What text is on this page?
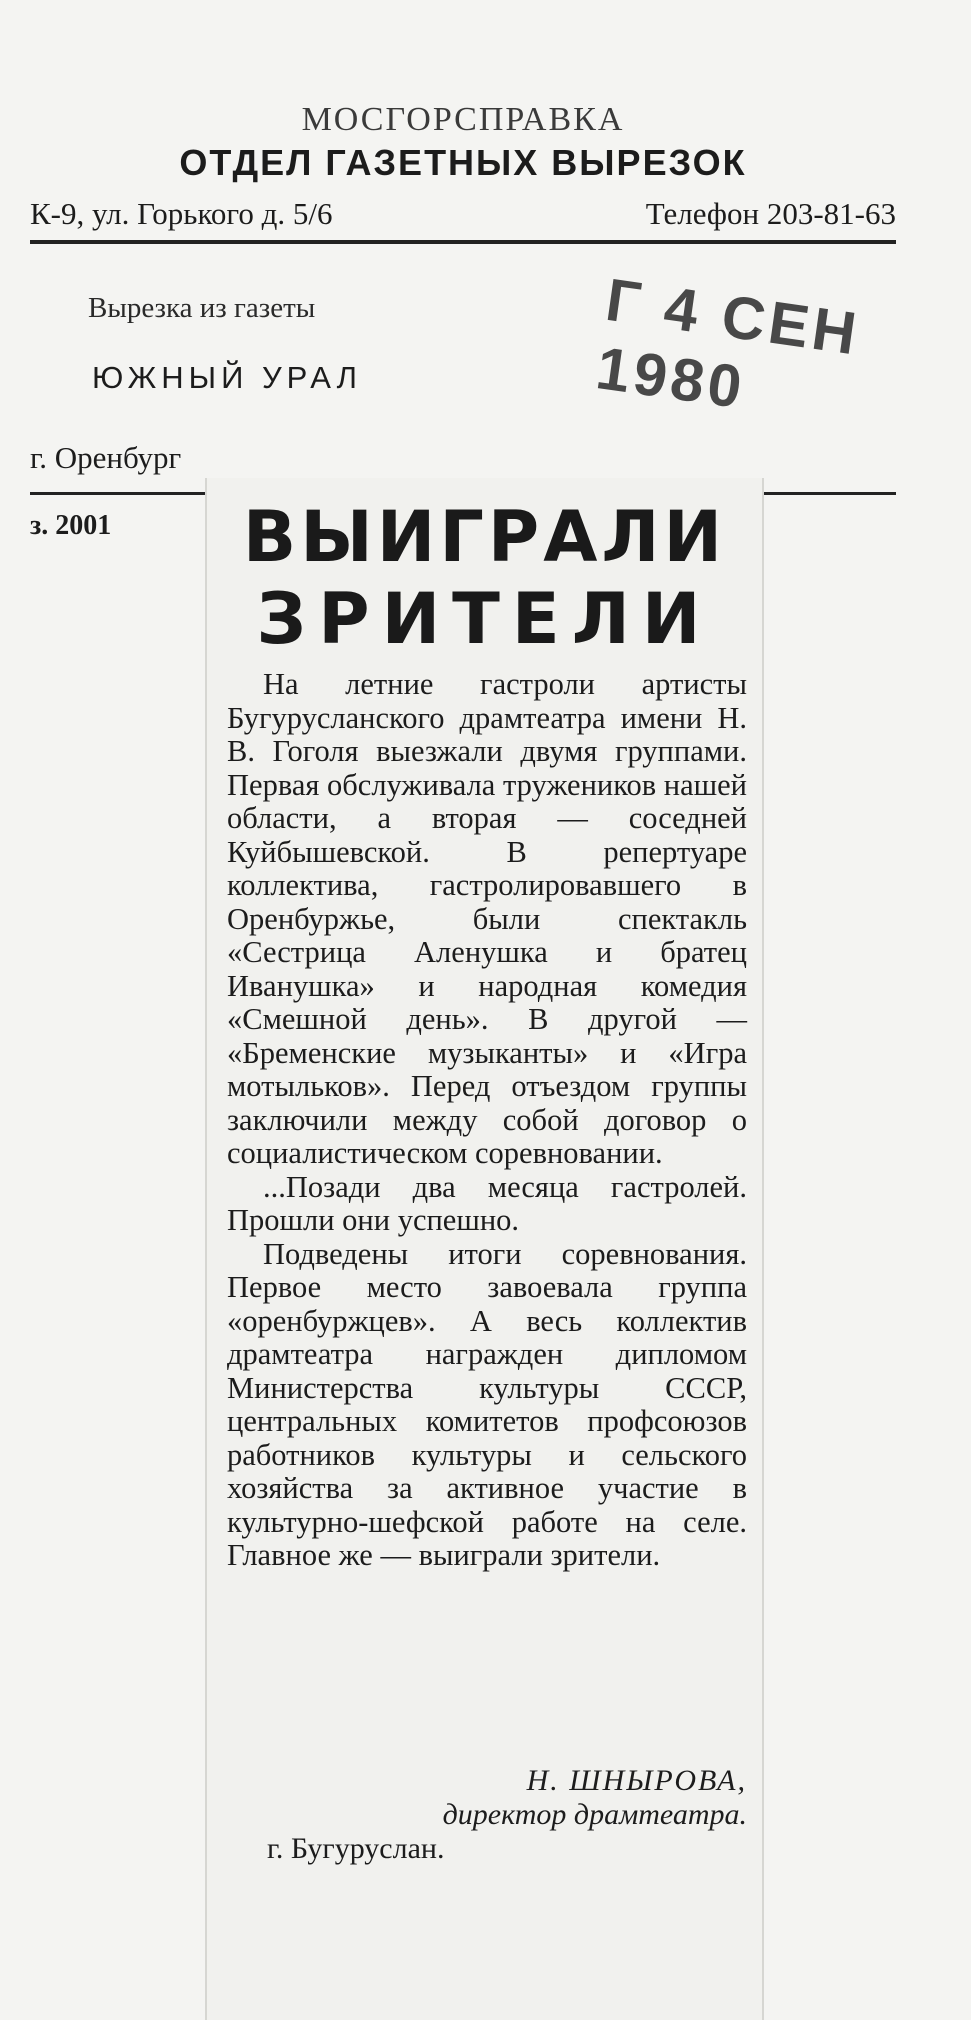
МОСГОРСПРАВКА
ОТДЕЛ ГАЗЕТНЫХ ВЫРЕЗОК
К-9, ул. Горького д. 5/6	Телефон 203-81-63
Вырезка из газеты
ЮЖНЫЙ УРАЛ
г. Оренбург
з. 2001
Г 4 СЕН 1980
ВЫИГРАЛИ
ЗРИТЕЛИ
На летние гастроли артисты Бугурусланского драмтеатра имени Н. В. Гоголя выезжали двумя группами. Первая обслуживала тружеников нашей области, а вторая — соседней Куйбышевской. В репертуаре коллектива, гастролировавшего в Оренбуржье, были спектакль «Сестрица Аленушка и братец Иванушка» и народная комедия «Смешной день». В другой — «Бременские музыканты» и «Игра мотыльков». Перед отъездом группы заключили между собой договор о социалистическом соревновании.
...Позади два месяца гастролей. Прошли они успешно.
Подведены итоги соревнования. Первое место завоевала группа «оренбуржцев». А весь коллектив драмтеатра награжден дипломом Министерства культуры СССР, центральных комитетов профсоюзов работников культуры и сельского хозяйства за активное участие в культурно-шефской работе на селе. Главное же — выиграли зрители.
Н. ШНЫРОВА,
директор драмтеатра.
г. Бугуруслан.
